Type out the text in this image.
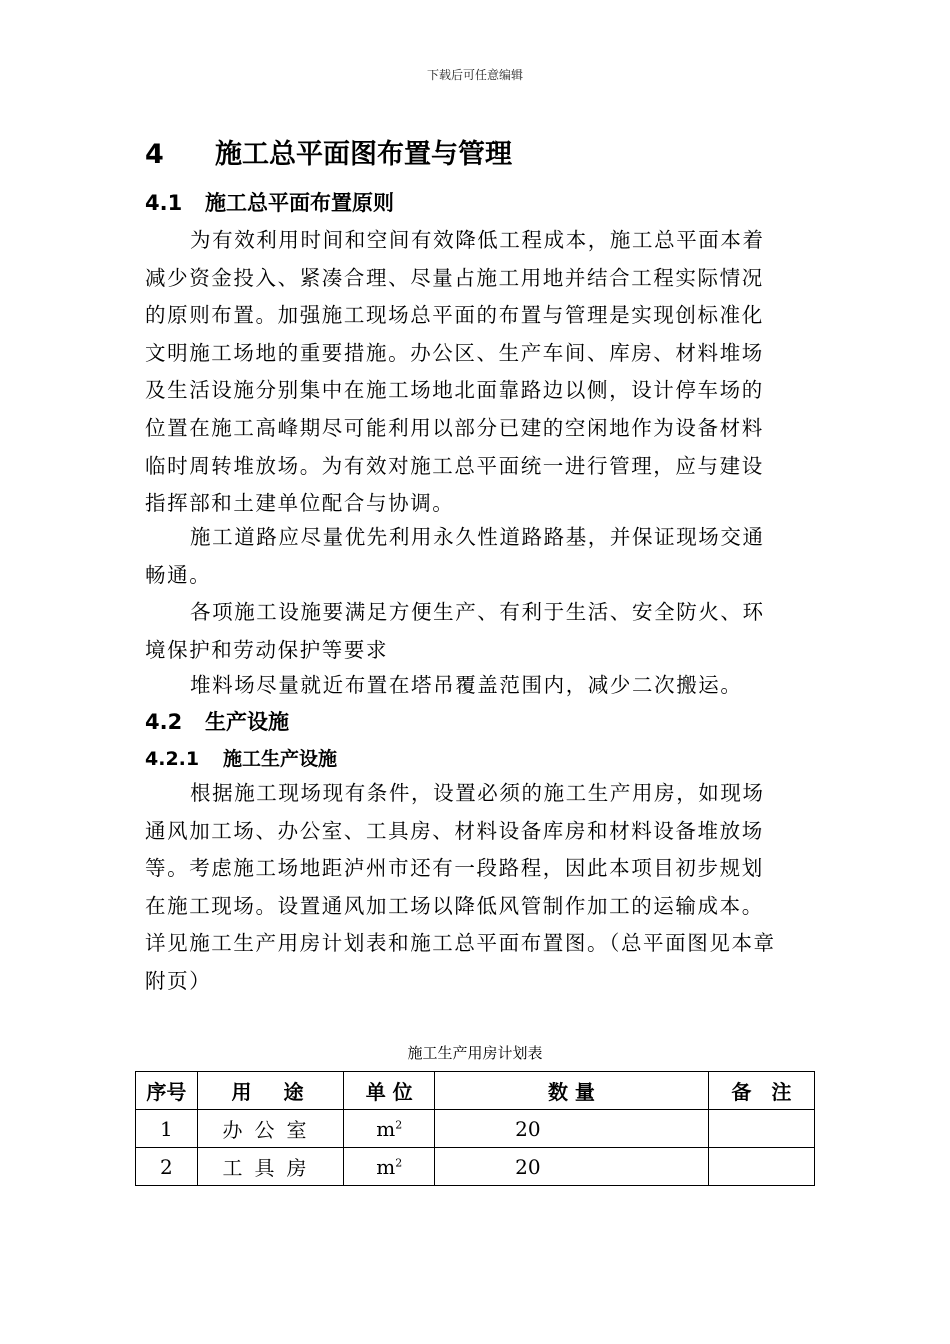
下载后可任意编辑
4 施工总平面图布置与管理
4.1 施工总平面布置原则

为有效利用时间和空间有效降低工程成本，施工总平面本着减少资金投入、紧凑合理、尽量占施工用地并结合工程实际情况的原则布置。加强施工现场总平面的布置与管理是实现创标准化文明施工场地的重要措施。办公区、生产车间、库房、材料堆场及生活设施分别集中在施工场地北面靠路边以侧，设计停车场的位置在施工高峰期尽可能利用以部分已建的空闲地作为设备材料临时周转堆放场。为有效对施工总平面统一进行管理，应与建设指挥部和土建单位配合与协调。

施工道路应尽量优先利用永久性道路路基，并保证现场交通畅通。

各项施工设施要满足方便生产、有利于生活、安全防火、环境保护和劳动保护等要求

堆料场尽量就近布置在塔吊覆盖范围内，减少二次搬运。

4.2 生产设施
4.2.1 施工生产设施

根据施工现场现有条件，设置必须的施工生产用房，如现场通风加工场、办公室、工具房、材料设备库房和材料设备堆放场等。考虑施工场地距泸州市还有一段路程，因此本项目初步规划在施工现场。设置通风加工场以降低风管制作加工的运输成本。详见施工生产用房计划表和施工总平面布置图。（总平面图见本章附页）

施工生产用房计划表
序号	用　途	单 位	数 量	备　注
1	办公室	$m^2$	20	
2	工具房	$m^2$	20	
